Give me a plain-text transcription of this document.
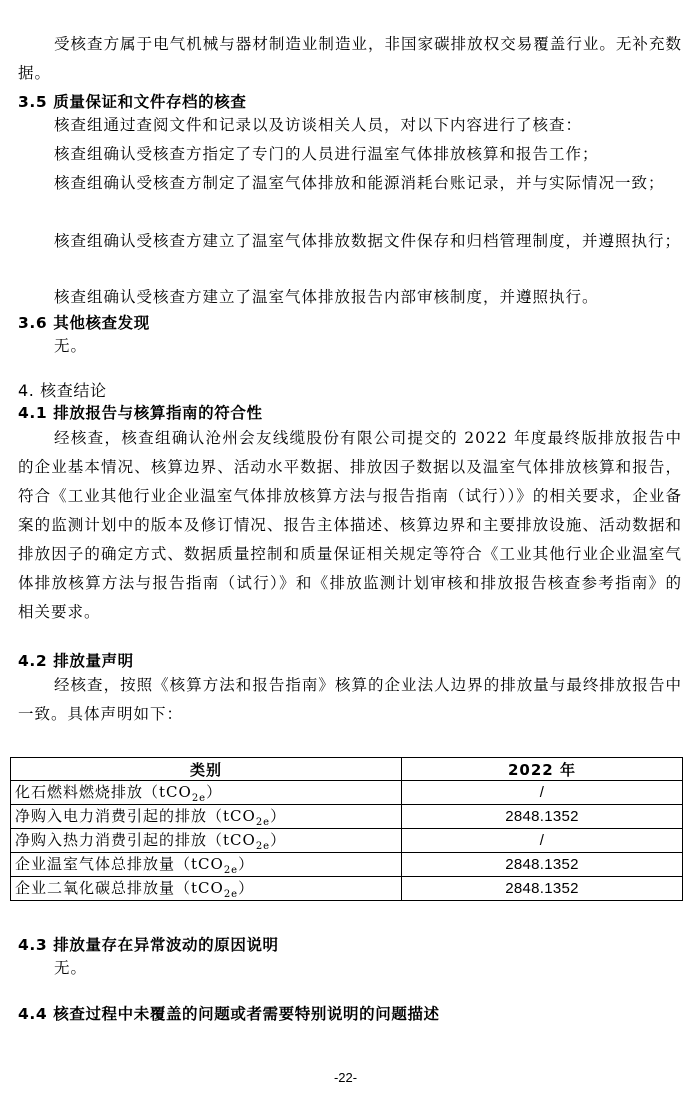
受核查方属于电气机械与器材制造业制造业，非国家碳排放权交易覆盖行业。无补充数据。

3.5 质量保证和文件存档的核查

核查组通过查阅文件和记录以及访谈相关人员，对以下内容进行了核查：

核查组确认受核查方指定了专门的人员进行温室气体排放核算和报告工作；

核查组确认受核查方制定了温室气体排放和能源消耗台账记录，并与实际情况一致；

核查组确认受核查方建立了温室气体排放数据文件保存和归档管理制度，并遵照执行；

核查组确认受核查方建立了温室气体排放报告内部审核制度，并遵照执行。

3.6 其他核查发现

无。

4. 核查结论
4.1 排放报告与核算指南的符合性

经核查，核查组确认沧州会友线缆股份有限公司提交的 2022 年度最终版排放报告中的企业基本情况、核算边界、活动水平数据、排放因子数据以及温室气体排放核算和报告，符合《工业其他行业企业温室气体排放核算方法与报告指南（试行））》的相关要求，企业备案的监测计划中的版本及修订情况、报告主体描述、核算边界和主要排放设施、活动数据和排放因子的确定方式、数据质量控制和质量保证相关规定等符合《工业其他行业企业温室气体排放核算方法与报告指南（试行）》和《排放监测计划审核和排放报告核查参考指南》的相关要求。

4.2 排放量声明

经核查，按照《核算方法和报告指南》核算的企业法人边界的排放量与最终排放报告中一致。具体声明如下：

类别	2022 年
化石燃料燃烧排放（tCO$_{2e}$）	/
净购入电力消费引起的排放（tCO$_{2e}$）	2848.1352
净购入热力消费引起的排放（tCO$_{2e}$）	/
企业温室气体总排放量（tCO$_{2e}$）	2848.1352
企业二氧化碳总排放量（tCO$_{2e}$）	2848.1352
4.3 排放量存在异常波动的原因说明

无。

4.4 核查过程中未覆盖的问题或者需要特别说明的问题描述
-22-
